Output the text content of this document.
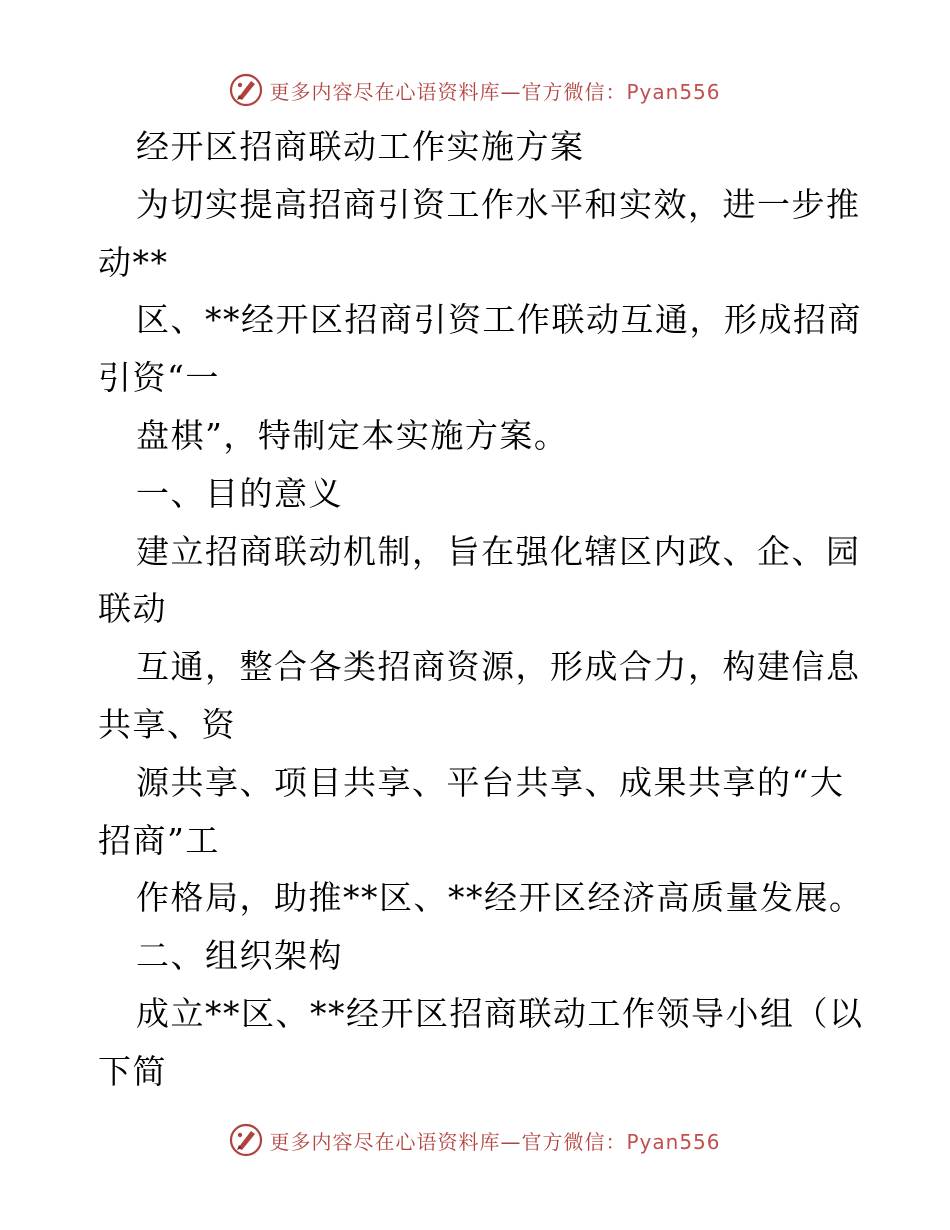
更多内容尽在心语资料库—官方微信：Pyan556
经开区招商联动工作实施方案
为切实提高招商引资工作水平和实效，进一步推
动**
区、**经开区招商引资工作联动互通，形成招商
引资“一
盘棋”，特制定本实施方案。
一、目的意义
建立招商联动机制，旨在强化辖区内政、企、园
联动
互通，整合各类招商资源，形成合力，构建信息
共享、资
源共享、项目共享、平台共享、成果共享的“大
招商”工
作格局，助推**区、**经开区经济高质量发展。
二、组织架构
成立**区、**经开区招商联动工作领导小组（以
下简
更多内容尽在心语资料库—官方微信：Pyan556
